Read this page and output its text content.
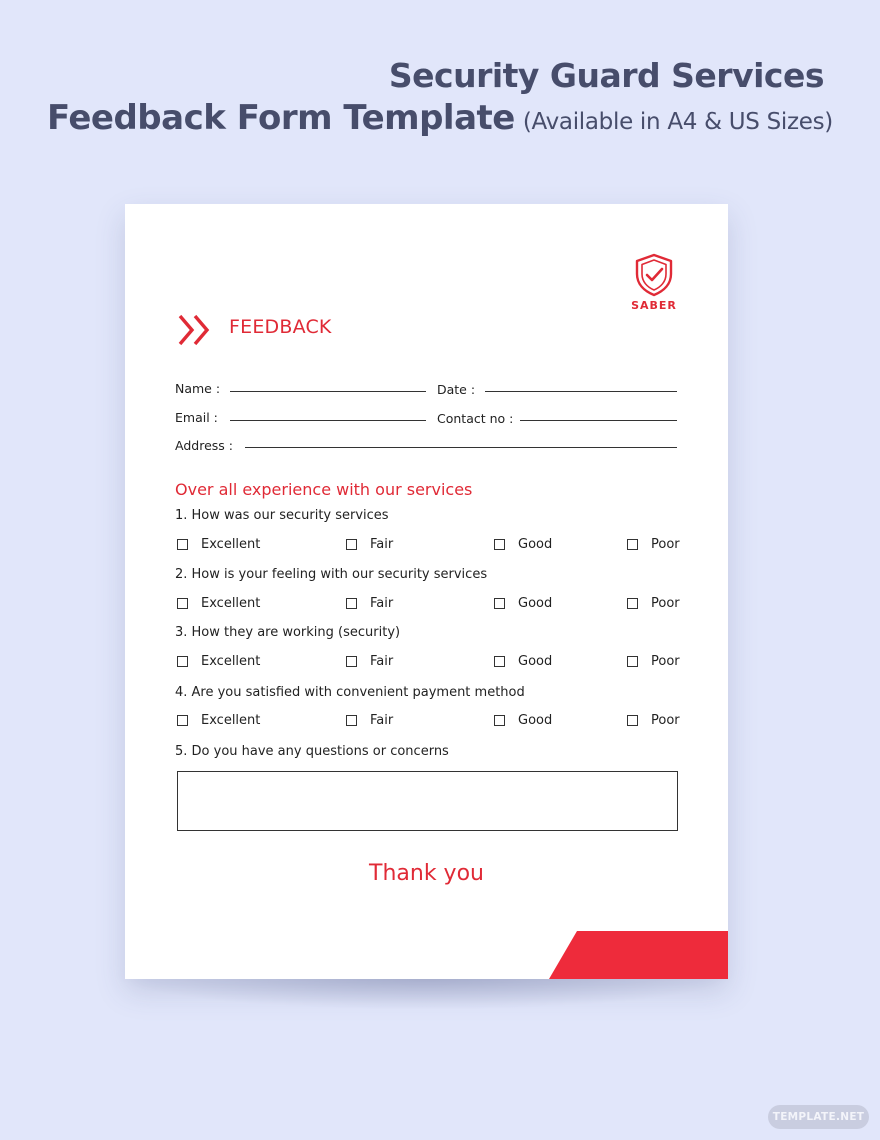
Security Guard Services
Feedback Form Template (Available in A4 & US Sizes)
SABER
FEEDBACK
Name :	Date :
Email :	Contact no :
Address :
Over all experience with our services
1. How was our security services
Excellent	Fair	Good	Poor
2. How is your feeling with our security services
Excellent	Fair	Good	Poor
3. How they are working (security)
Excellent	Fair	Good	Poor
4. Are you satisfied with convenient payment method
Excellent	Fair	Good	Poor
5. Do you have any questions or concerns
Thank you
TEMPLATE.NET
